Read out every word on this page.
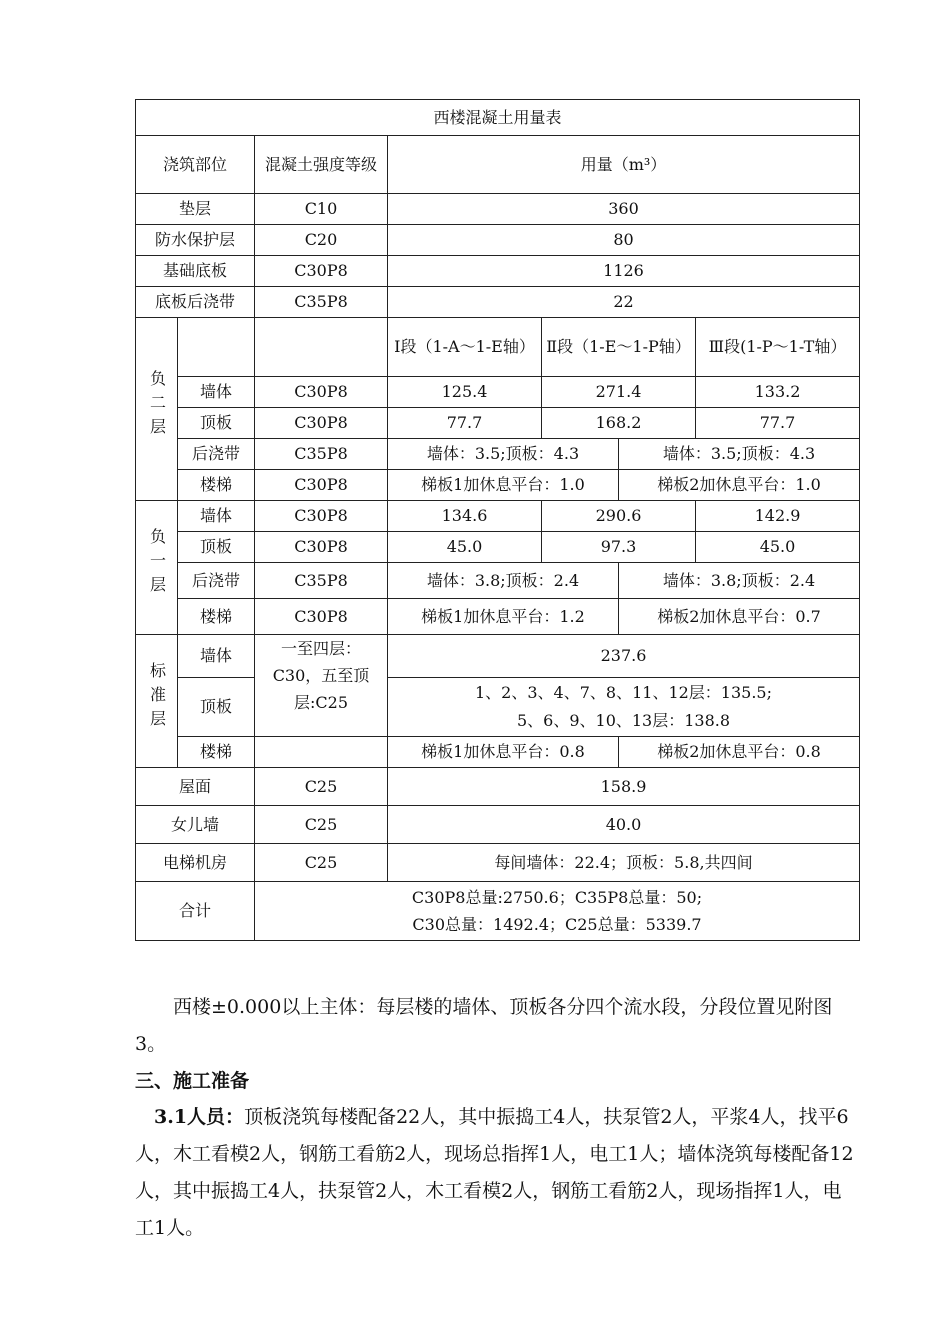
西楼混凝土用量表						
浇筑部位		混凝土强度等级	用量（m³）			
垫层		C10	360			
防水保护层		C20	80			
基础底板		C30P8	1126			
底板后浇带		C35P8	22			
负二层			Ⅰ段（1-A～1-E轴）	Ⅱ段（1-E～1-P轴）		Ⅲ段(1-P～1-T轴）
	墙体	C30P8	125.4	271.4		133.2
	顶板	C30P8	77.7	168.2		77.7
	后浇带	C35P8	墙体：3.5;顶板：4.3		墙体：3.5;顶板：4.3	
	楼梯	C30P8	梯板1加休息平台：1.0		梯板2加休息平台：1.0	
负一层	墙体	C30P8	134.6	290.6		142.9
	顶板	C30P8	45.0	97.3		45.0
	后浇带	C35P8	墙体：3.8;顶板：2.4		墙体：3.8;顶板：2.4	
	楼梯	C30P8	梯板1加休息平台：1.2		梯板2加休息平台：0.7	
标准层	墙体	一至四层：C30，五至顶层:C25	237.6			
	顶板		1、2、3、4、7、8、11、12层：135.5;
5、6、9、10、13层：138.8			

	楼梯		梯板1加休息平台：0.8		梯板2加休息平台：0.8	
屋面		C25	158.9			
女儿墙		C25	40.0			
电梯机房		C25	每间墙体：22.4；顶板：5.8,共四间			
合计		C30P8总量:2750.6；C35P8总量：50;
C30总量：1492.4；C25总量：5339.7				
西楼±0.000以上主体：每层楼的墙体、顶板各分四个流水段，分段位置见附图3。
三、施工准备
3.1人员：顶板浇筑每楼配备22人，其中振捣工4人，扶泵管2人，平浆4人，找平6人，木工看模2人，钢筋工看筋2人，现场总指挥1人，电工1人；墙体浇筑每楼配备12人，其中振捣工4人，扶泵管2人，木工看模2人，钢筋工看筋2人，现场指挥1人，电工1人。
